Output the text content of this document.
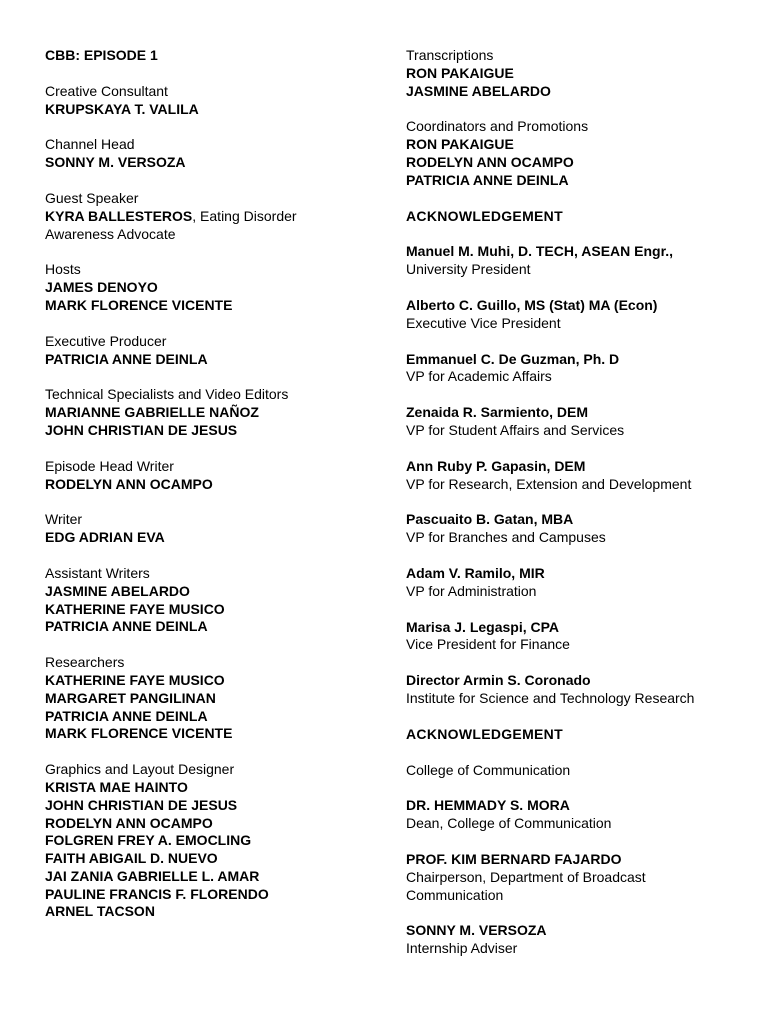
CBB: EPISODE 1
Creative Consultant
KRUPSKAYA T. VALILA
Channel Head
SONNY M. VERSOZA
Guest Speaker
KYRA BALLESTEROS, Eating Disorder
Awareness Advocate
Hosts
JAMES DENOYO
MARK FLORENCE VICENTE
Executive Producer
PATRICIA ANNE DEINLA
Technical Specialists and Video Editors
MARIANNE GABRIELLE NAÑOZ
JOHN CHRISTIAN DE JESUS
Episode Head Writer
RODELYN ANN OCAMPO
Writer
EDG ADRIAN EVA
Assistant Writers
JASMINE ABELARDO
KATHERINE FAYE MUSICO
PATRICIA ANNE DEINLA
Researchers
KATHERINE FAYE MUSICO
MARGARET PANGILINAN
PATRICIA ANNE DEINLA
MARK FLORENCE VICENTE
Graphics and Layout Designer
KRISTA MAE HAINTO
JOHN CHRISTIAN DE JESUS
RODELYN ANN OCAMPO
FOLGREN FREY A. EMOCLING
FAITH ABIGAIL D. NUEVO
JAI ZANIA GABRIELLE L. AMAR
PAULINE FRANCIS F. FLORENDO
ARNEL TACSON
Transcriptions
RON PAKAIGUE
JASMINE ABELARDO
Coordinators and Promotions
RON PAKAIGUE
RODELYN ANN OCAMPO
PATRICIA ANNE DEINLA
ACKNOWLEDGEMENT
Manuel M. Muhi, D. TECH, ASEAN Engr.,
University President
Alberto C. Guillo, MS (Stat) MA (Econ)
Executive Vice President
Emmanuel C. De Guzman, Ph. D
VP for Academic Affairs
Zenaida R. Sarmiento, DEM
VP for Student Affairs and Services
Ann Ruby P. Gapasin, DEM
VP for Research, Extension and Development
Pascuaito B. Gatan, MBA
VP for Branches and Campuses
Adam V. Ramilo, MIR
VP for Administration
Marisa J. Legaspi, CPA
Vice President for Finance
Director Armin S. Coronado
Institute for Science and Technology Research
ACKNOWLEDGEMENT
College of Communication
DR. HEMMADY S. MORA
Dean, College of Communication
PROF. KIM BERNARD FAJARDO
Chairperson, Department of Broadcast
Communication
SONNY M. VERSOZA
Internship Adviser
